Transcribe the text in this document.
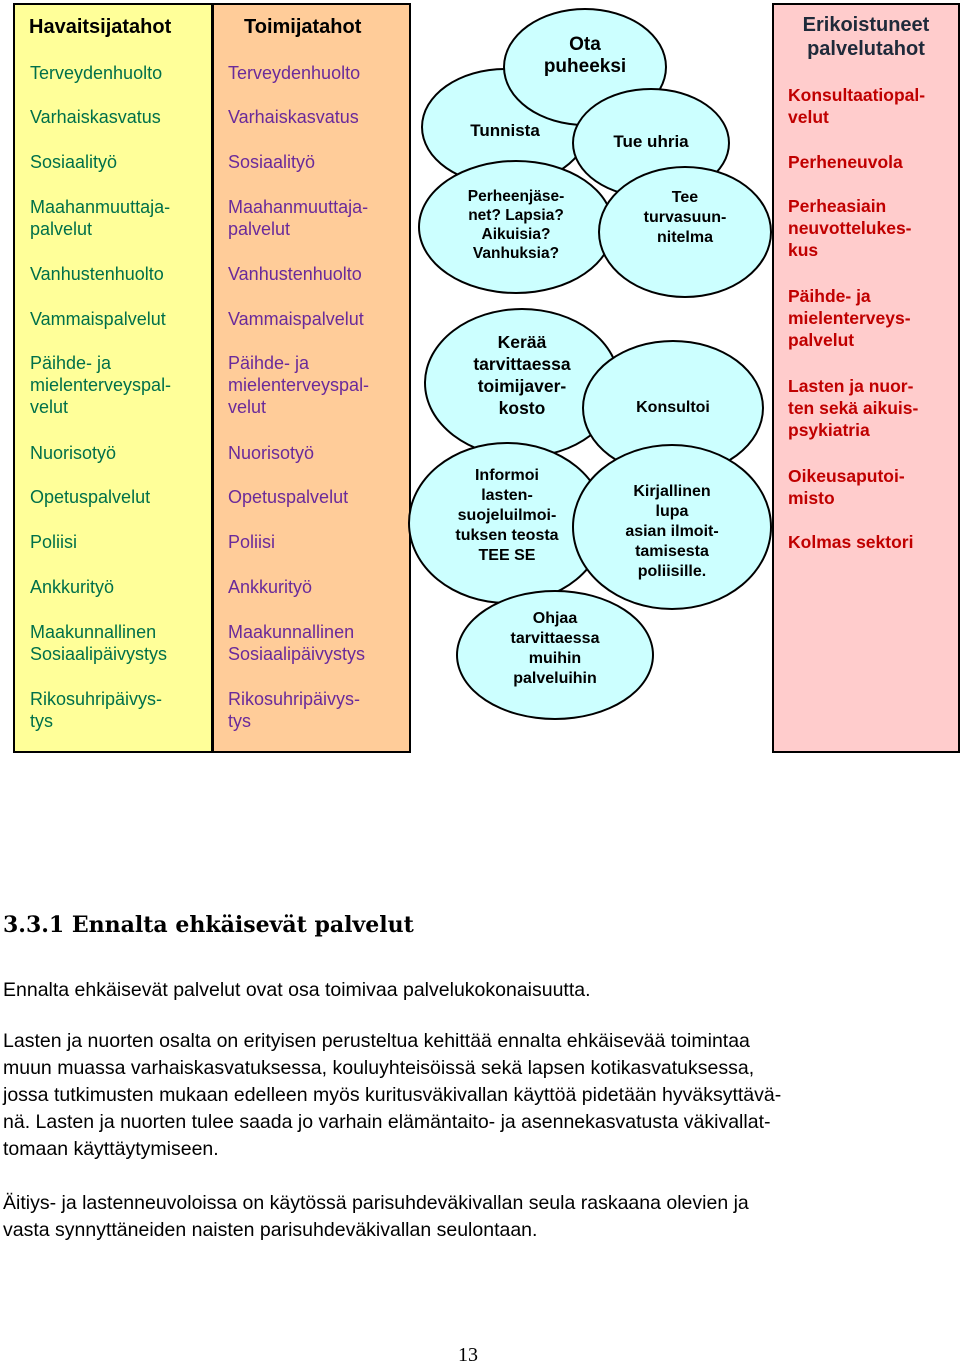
Havaitsijatahot
Terveydenhuolto
Varhaiskasvatus
Sosiaalityö
Maahanmuuttaja-
palvelut
Vanhustenhuolto
Vammaispalvelut
Päihde- ja
mielenterveyspal-
velut
Nuorisotyö
Opetuspalvelut
Poliisi
Ankkurityö
Maakunnallinen
Sosiaalipäivystys
Rikosuhripäivys-
tys
Toimijatahot
Terveydenhuolto
Varhaiskasvatus
Sosiaalityö
Maahanmuuttaja-
palvelut
Vanhustenhuolto
Vammaispalvelut
Päihde- ja
mielenterveyspal-
velut
Nuorisotyö
Opetuspalvelut
Poliisi
Ankkurityö
Maakunnallinen
Sosiaalipäivystys
Rikosuhripäivys-
tys
Tunnista
Ota
puheeksi
Tue uhria
Perheenjäse-
net? Lapsia?
Aikuisia?
Vanhuksia?
Tee
turvasuun-
nitelma
Kerää
tarvittaessa
toimijaver-
kosto	Konsultoi
Informoi
lasten-
suojeluilmoi-
tuksen teosta
TEE SE
Kirjallinen
lupa
asian ilmoit-
tamisesta
poliisille.
Ohjaa
tarvittaessa
muihin
palveluihin
Erikoistuneet
palvelutahot
Konsultaatiopal-
velut
Perheneuvola
Perheasiain
neuvottelukes-
kus
Päihde- ja
mielenterveys-
palvelut
Lasten ja nuor-
ten sekä aikuis-
psykiatria
Oikeusaputoi-
misto
Kolmas sektori
3.3.1 Ennalta ehkäisevät palvelut
Ennalta ehkäisevät palvelut ovat osa toimivaa palvelukokonaisuutta.
Lasten ja nuorten osalta on erityisen perusteltua kehittää ennalta ehkäisevää toimintaa
muun muassa varhaiskasvatuksessa, kouluyhteisöissä sekä lapsen kotikasvatuksessa,
jossa tutkimusten mukaan edelleen myös kuritusväkivallan käyttöä pidetään hyväksyttävä-
nä. Lasten ja nuorten tulee saada jo varhain elämäntaito- ja asennekasvatusta väkivallat-
tomaan käyttäytymiseen.
Äitiys- ja lastenneuvoloissa on käytössä parisuhdeväkivallan seula raskaana olevien ja
vasta synnyttäneiden naisten parisuhdeväkivallan seulontaan.
13
